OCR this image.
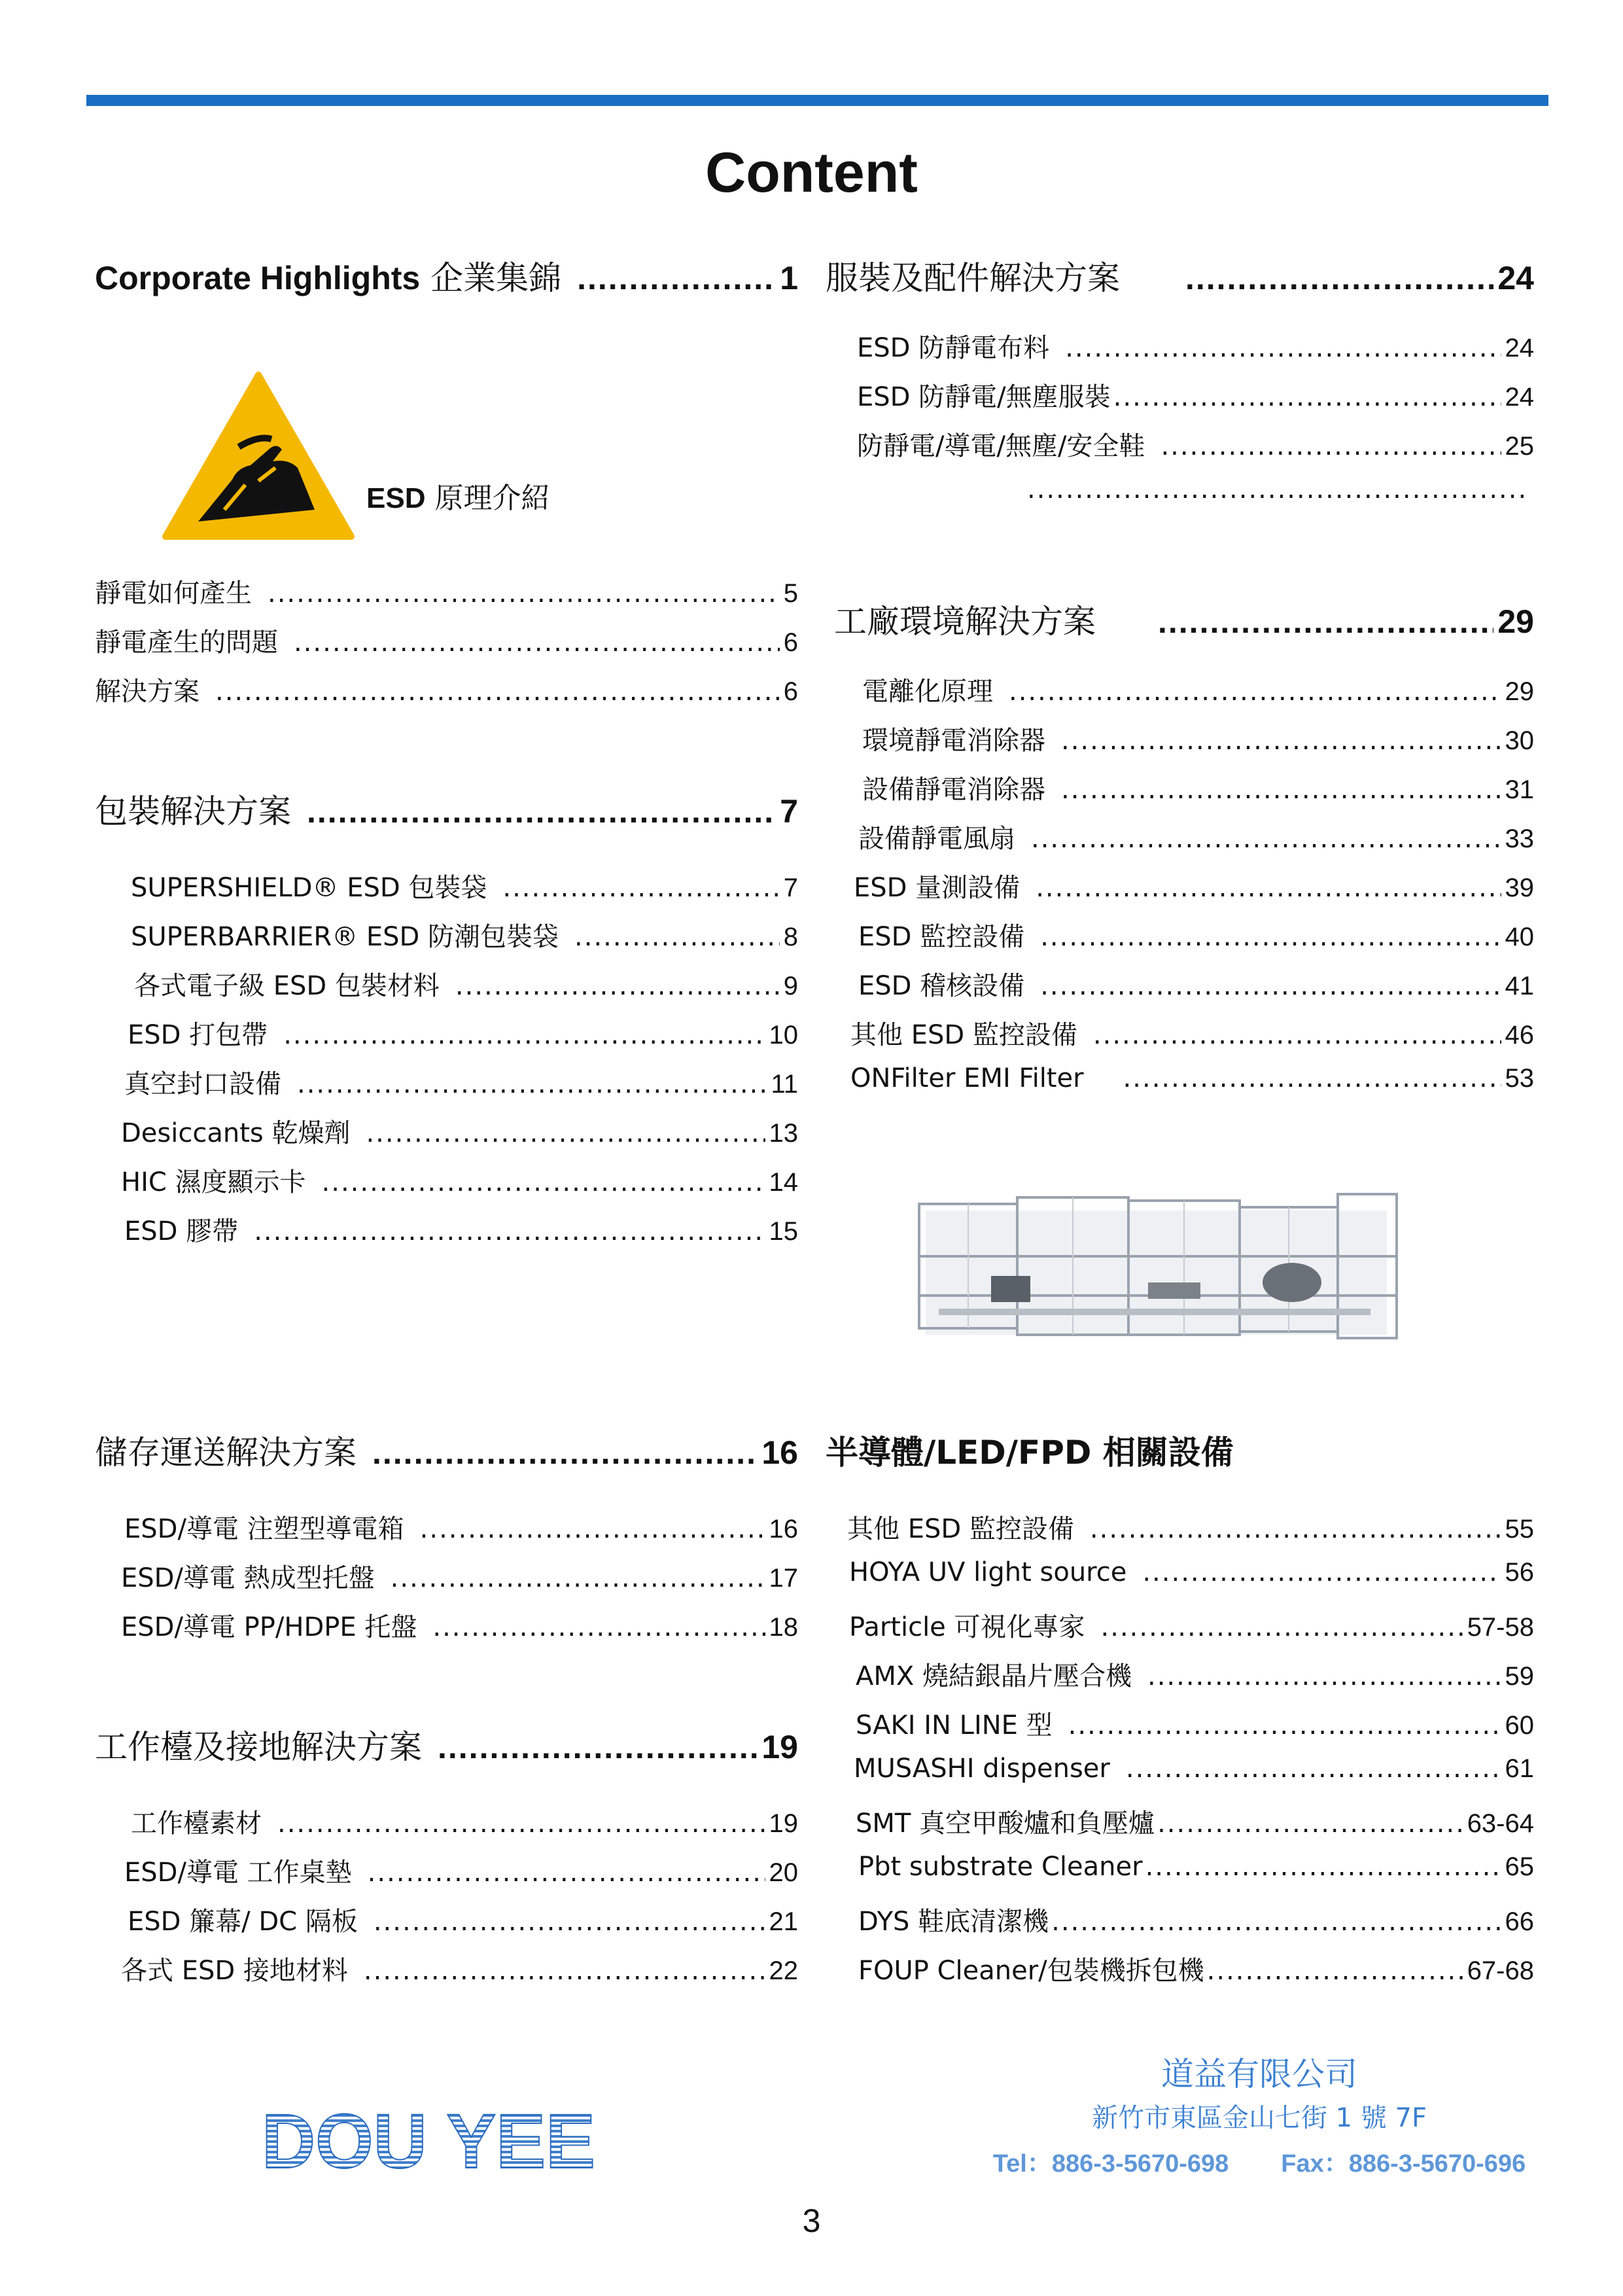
Content
Corporate Highlights 企業集錦 .....	1
ESD 原理介紹
靜電如何產生 .....	5
靜電產生的問題 .....	6
解決方案 .....	6
包裝解決方案 .....	7
SUPERSHIELD® ESD 包裝袋 .....	7
SUPERBARRIER® ESD 防潮包裝袋 .....	8
各式電子級 ESD 包裝材料 .....	9
ESD 打包帶 .....	10
真空封口設備 .....	11
Desiccants 乾燥劑 .....	13
HIC 濕度顯示卡 .....	14
ESD 膠帶 .....	15
儲存運送解決方案 .....	16
ESD/導電 注塑型導電箱 .....	16
ESD/導電 熱成型托盤 .....	17
ESD/導電 PP/HDPE 托盤 .....	18
工作檯及接地解決方案 .....	19
工作檯素材 .....	19
ESD/導電 工作桌墊 .....	20
ESD 簾幕/ DC 隔板 .....	21
各式 ESD 接地材料 .....	22
服裝及配件解決方案 .....	24
ESD 防靜電布料 .....	24
ESD 防靜電/無塵服裝 .....	24
防靜電/導電/無塵/安全鞋 .....	25
.....
工廠環境解決方案 .....	29
電離化原理 .....	29
環境靜電消除器 .....	30
設備靜電消除器 .....	31
設備靜電風扇 .....	33
ESD 量測設備 .....	39
ESD 監控設備 .....	40
ESD 稽核設備 .....	41
其他 ESD 監控設備 .....	46
ONFilter EMI Filter .....	53
半導體/LED/FPD 相關設備
其他 ESD 監控設備 .....	55
HOYA UV light source .....	56
Particle 可視化專家 .....	57-58
AMX 燒結銀晶片壓合機 .....	59
SAKI IN LINE 型 .....	60
MUSASHI dispenser .....	61
SMT 真空甲酸爐和負壓爐 .....	63-64
Pbt substrate Cleaner .....	65
DYS 鞋底清潔機 .....	66
FOUP Cleaner/包裝機拆包機 .....	67-68
DOU YEE
道益有限公司
新竹市東區金山七街 1 號 7F
Tel：886-3-5670-698 Fax：886-3-5670-696
3
